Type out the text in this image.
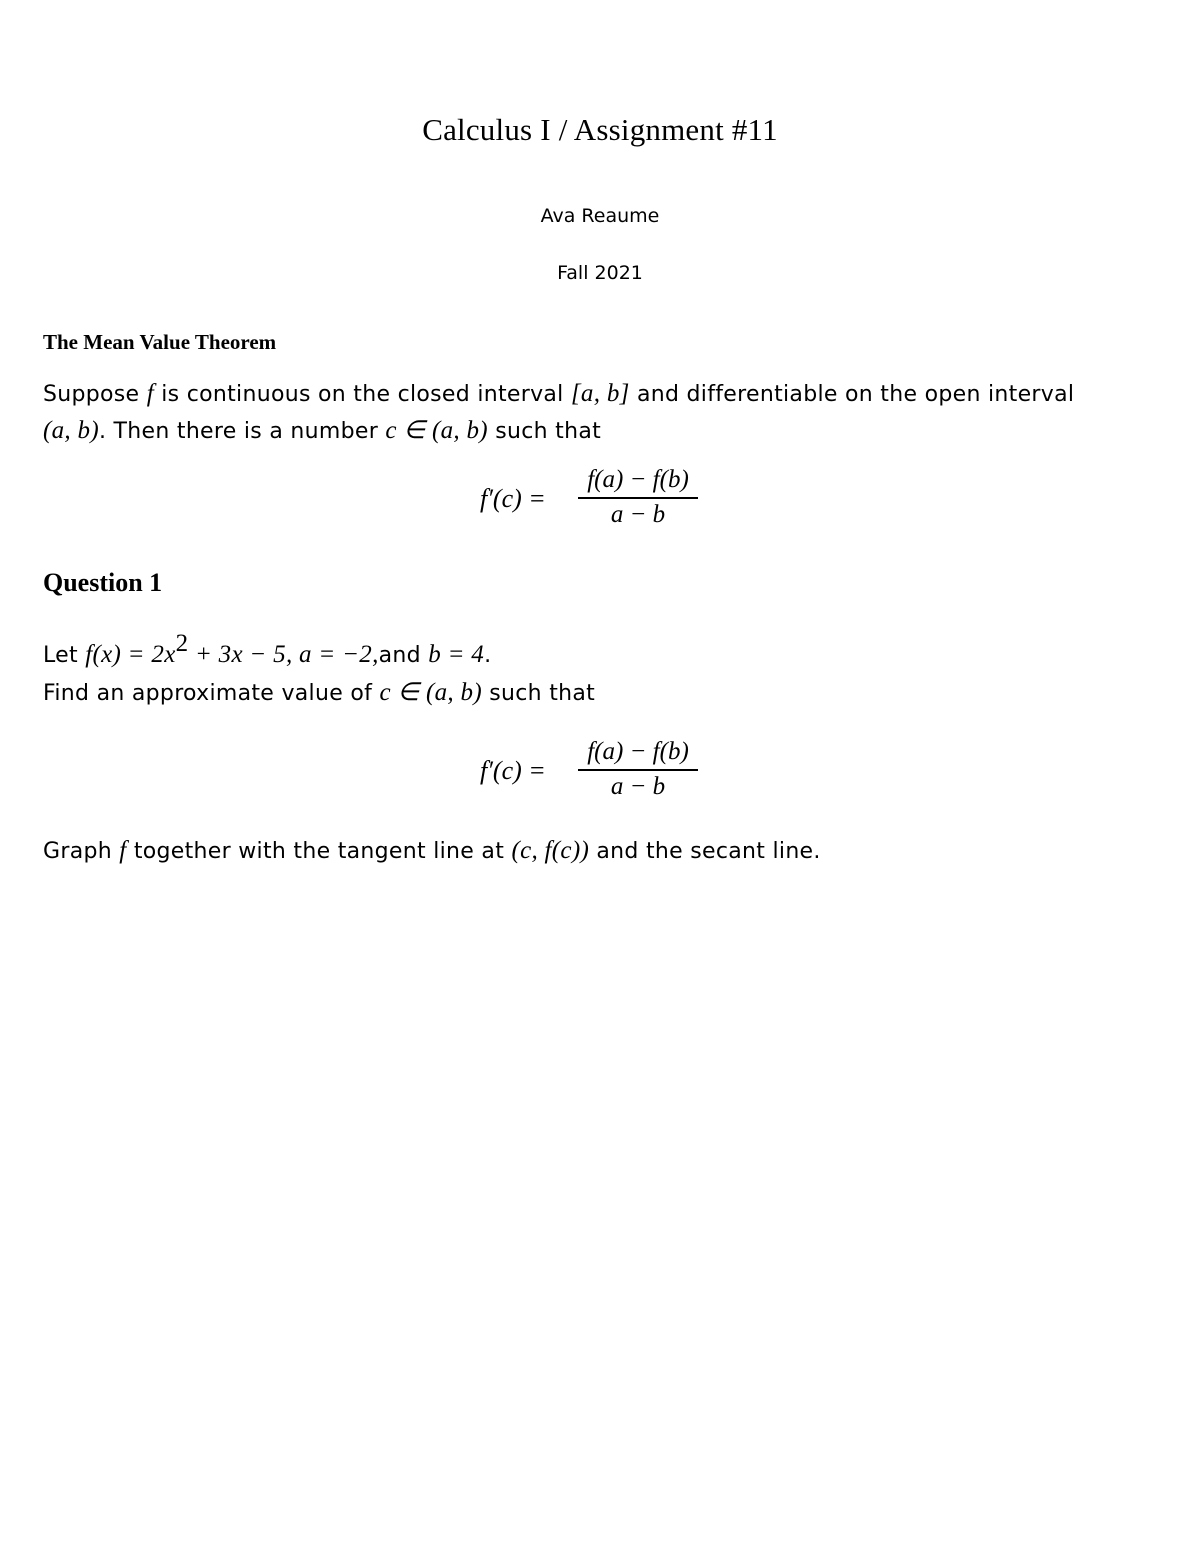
Calculus I / Assignment #11
Ava Reaume
Fall 2021
The Mean Value Theorem
Suppose f is continuous on the closed interval [a, b] and differentiable on the open interval
(a, b). Then there is a number c ∈ (a, b) such that
f′(c) =
f(a) − f(b)
a − b
Question 1
Let $f(x) = 2x^2 + 3x - 5$, a = −2,and b = 4.
Find an approximate value of c ∈ (a, b) such that
f′(c) =
f(a) − f(b)
a − b
Graph f together with the tangent line at (c, f(c)) and the secant line.
